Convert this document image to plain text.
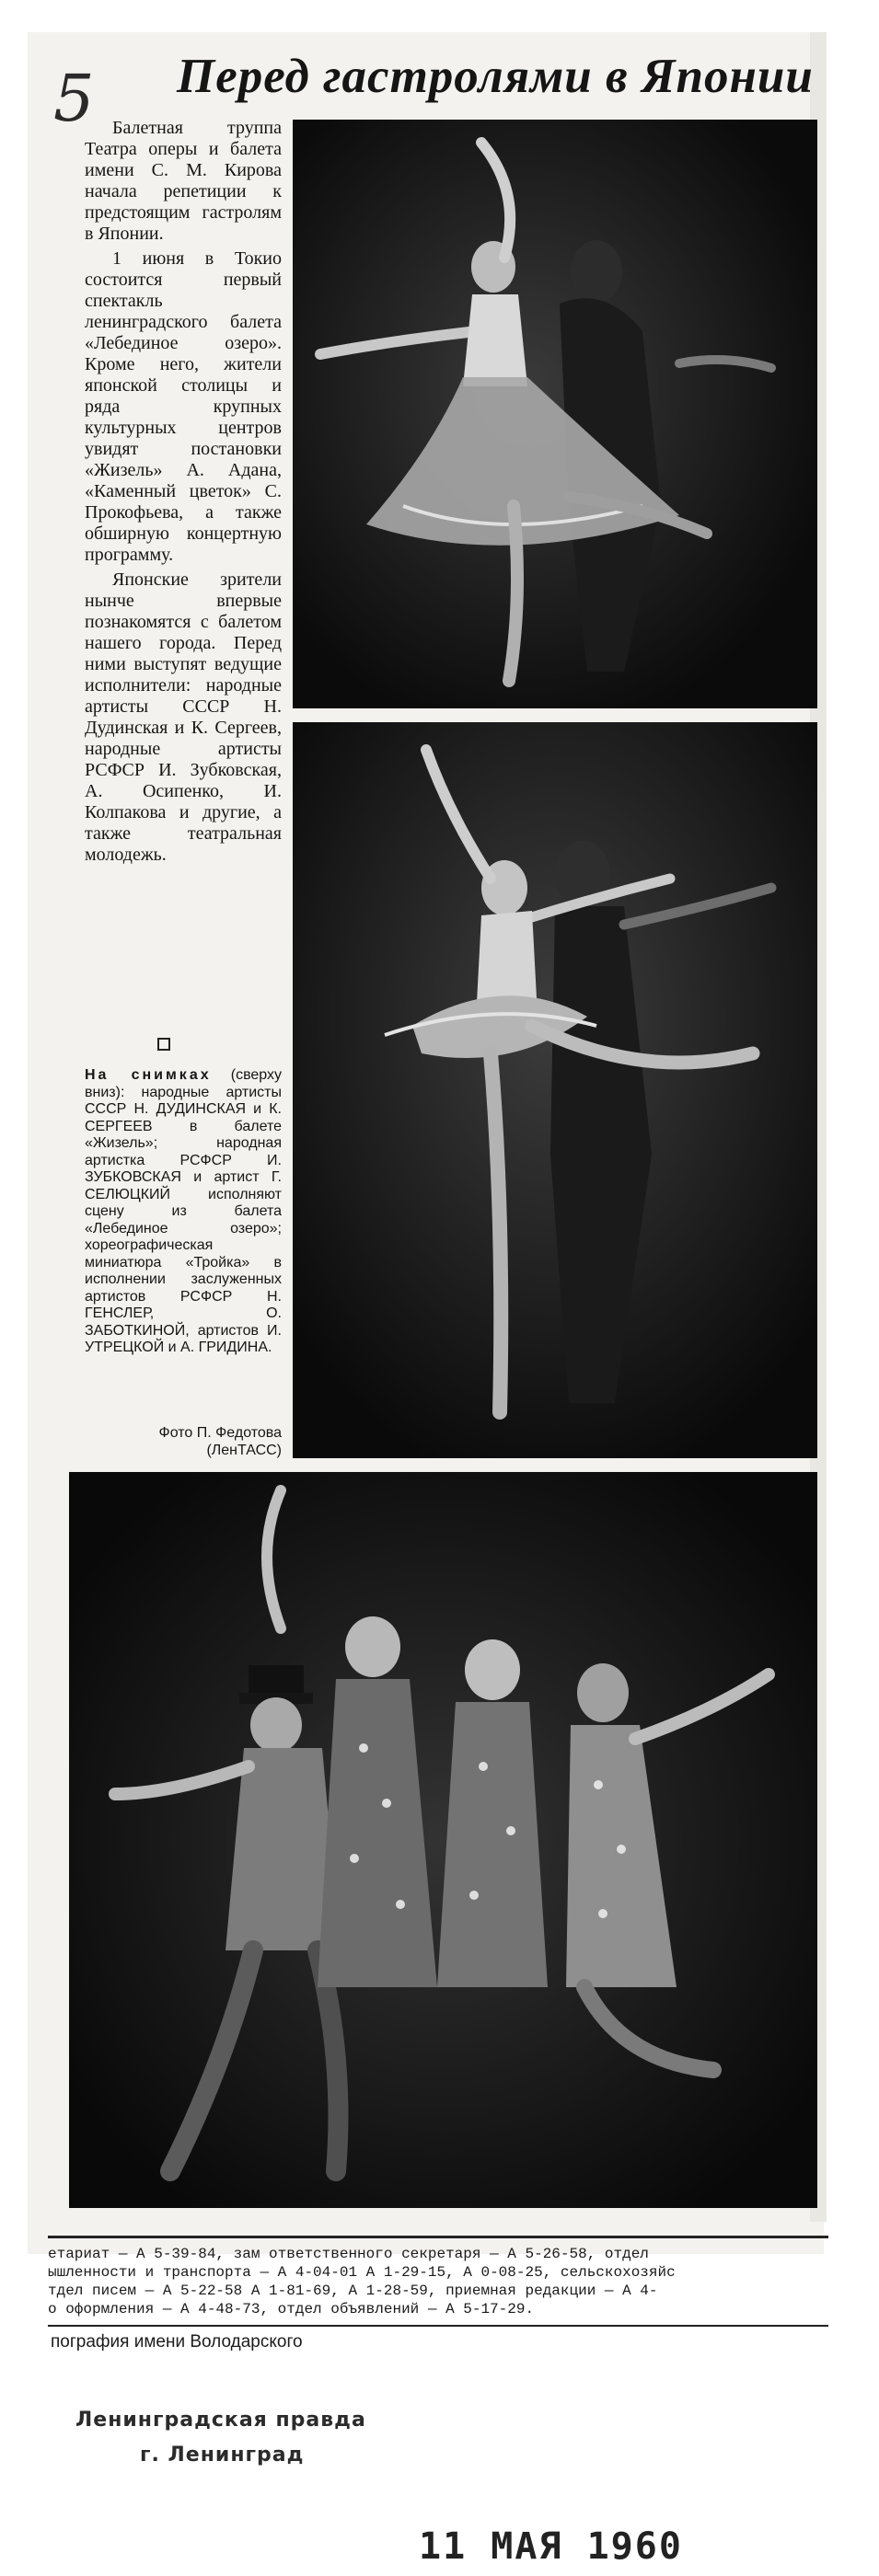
5 Перед гастролями в Японии

Балетная труппа Театра оперы и балета имени С. М. Кирова начала репетиции к предстоящим гастролям в Японии.

1 июня в Токио состоится первый спектакль ленинградского балета «Лебединое озеро». Кроме него, жители японской столицы и ряда крупных культурных центров увидят постановки «Жизель» А. Адана, «Каменный цветок» С. Прокофьева, а также обширную концертную программу.

Японские зрители нынче впервые познакомятся с балетом нашего города. Перед ними выступят ведущие исполнители: народные артисты СССР Н. Дудинская и К. Сергеев, народные артисты РСФСР И. Зубковская, А. Осипенко, И. Колпакова и другие, а также театральная молодежь.

На снимках (сверху вниз): народные артисты СССР Н. ДУДИНСКАЯ и К. СЕРГЕЕВ в балете «Жизель»; народная артистка РСФСР И. ЗУБКОВСКАЯ и артист Г. СЕЛЮЦКИЙ исполняют сцену из балета «Лебединое озеро»; хореографическая миниатюра «Тройка» в исполнении заслуженных артистов РСФСР Н. ГЕНСЛЕР, О. ЗАБОТКИНОЙ, артистов И. УТРЕЦКОЙ и А. ГРИДИНА.
Фото П. Федотова
(ЛенТАСС)
етариат — А 5-39-84, зам ответственного секретаря — А 5-26-58, отдел
ышленности и транспорта — А 4-04-01 А 1-29-15, А 0-08-25, сельскохозяйс
тдел писем — А 5-22-58 А 1-81-69, А 1-28-59, приемная редакции — А 4-
о оформления — А 4-48-73, отдел объявлений — А 5-17-29.
пография имени Володарского
Ленинградская правда
г. Ленинград
11 МАЯ 1960
